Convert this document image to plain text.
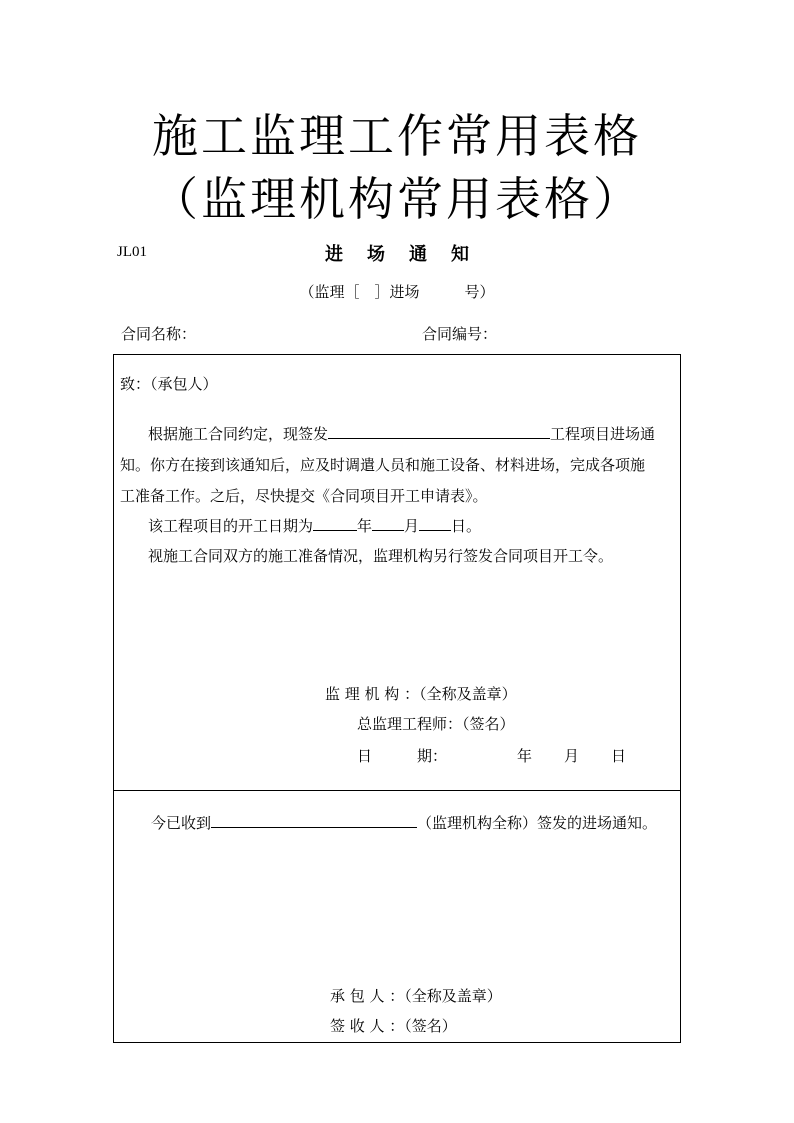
施工监理工作常用表格
（监理机构常用表格）
JL01	进场通知
（监理［　］进场　　　号）
合同名称：	合同编号：
致：（承包人）
根据施工合同约定，现签发	工程项目进场通
知。你方在接到该通知后，应及时调遣人员和施工设备、材料进场，完成各项施
工准备工作。之后，尽快提交《合同项目开工申请表》。
该工程项目的开工日期为	年 月 日。
视施工合同双方的施工准备情况，监理机构另行签发合同项目开工令。
监 理 机 构 ：（全称及盖章）
总监理工程师：（签名）
日　　　期：	年 月 日
今已收到	（监理机构全称）签发的进场通知。
承 包 人 ：（全称及盖章）
签 收 人 ：（签名）
